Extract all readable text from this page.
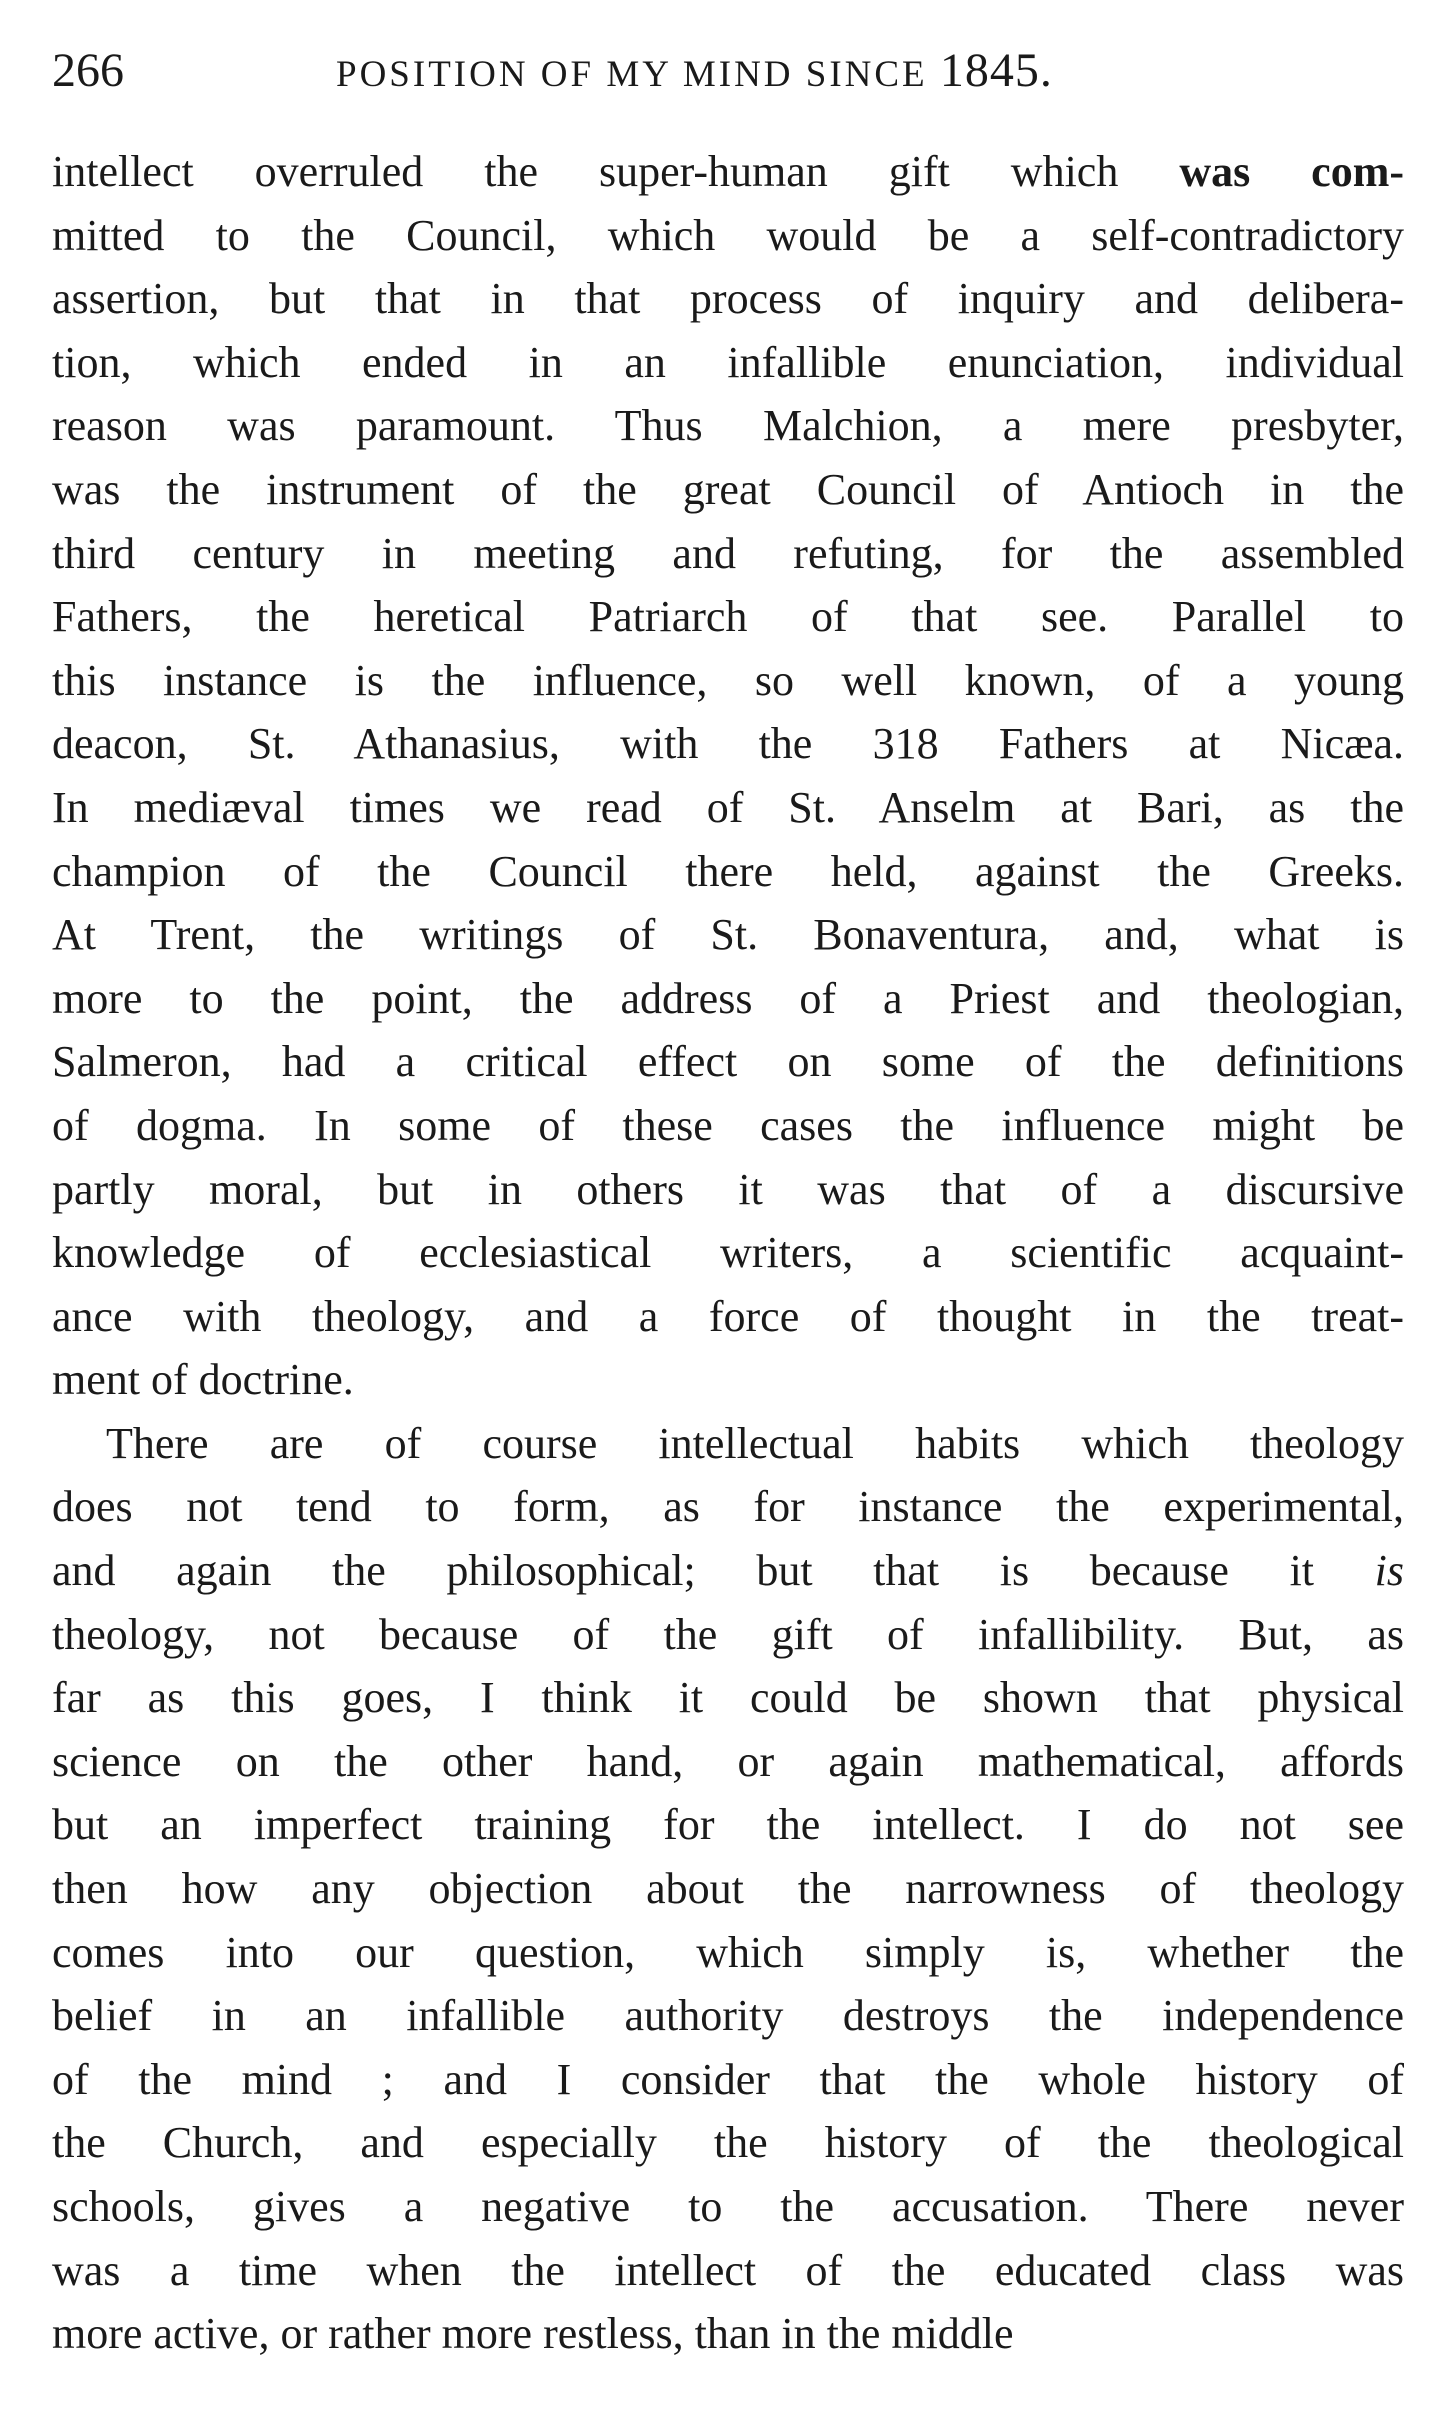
266	POSITION OF MY MIND SINCE 1845.
intellect overruled the super-human gift which was com-
mitted to the Council, which would be a self-contradictory
assertion, but that in that process of inquiry and delibera-
tion, which ended in an infallible enunciation, individual
reason was paramount. Thus Malchion, a mere presbyter,
was the instrument of the great Council of Antioch in the
third century in meeting and refuting, for the assembled
Fathers, the heretical Patriarch of that see. Parallel to
this instance is the influence, so well known, of a young
deacon, St. Athanasius, with the 318 Fathers at Nicæa.
In mediæval times we read of St. Anselm at Bari, as the
champion of the Council there held, against the Greeks.
At Trent, the writings of St. Bonaventura, and, what is
more to the point, the address of a Priest and theologian,
Salmeron, had a critical effect on some of the definitions
of dogma. In some of these cases the influence might be
partly moral, but in others it was that of a discursive
knowledge of ecclesiastical writers, a scientific acquaint-
ance with theology, and a force of thought in the treat-
ment of doctrine.
There are of course intellectual habits which theology
does not tend to form, as for instance the experimental,
and again the philosophical; but that is because it is
theology, not because of the gift of infallibility. But, as
far as this goes, I think it could be shown that physical
science on the other hand, or again mathematical, affords
but an imperfect training for the intellect. I do not see
then how any objection about the narrowness of theology
comes into our question, which simply is, whether the
belief in an infallible authority destroys the independence
of the mind ; and I consider that the whole history of
the Church, and especially the history of the theological
schools, gives a negative to the accusation. There never
was a time when the intellect of the educated class was
more active, or rather more restless, than in the middle
